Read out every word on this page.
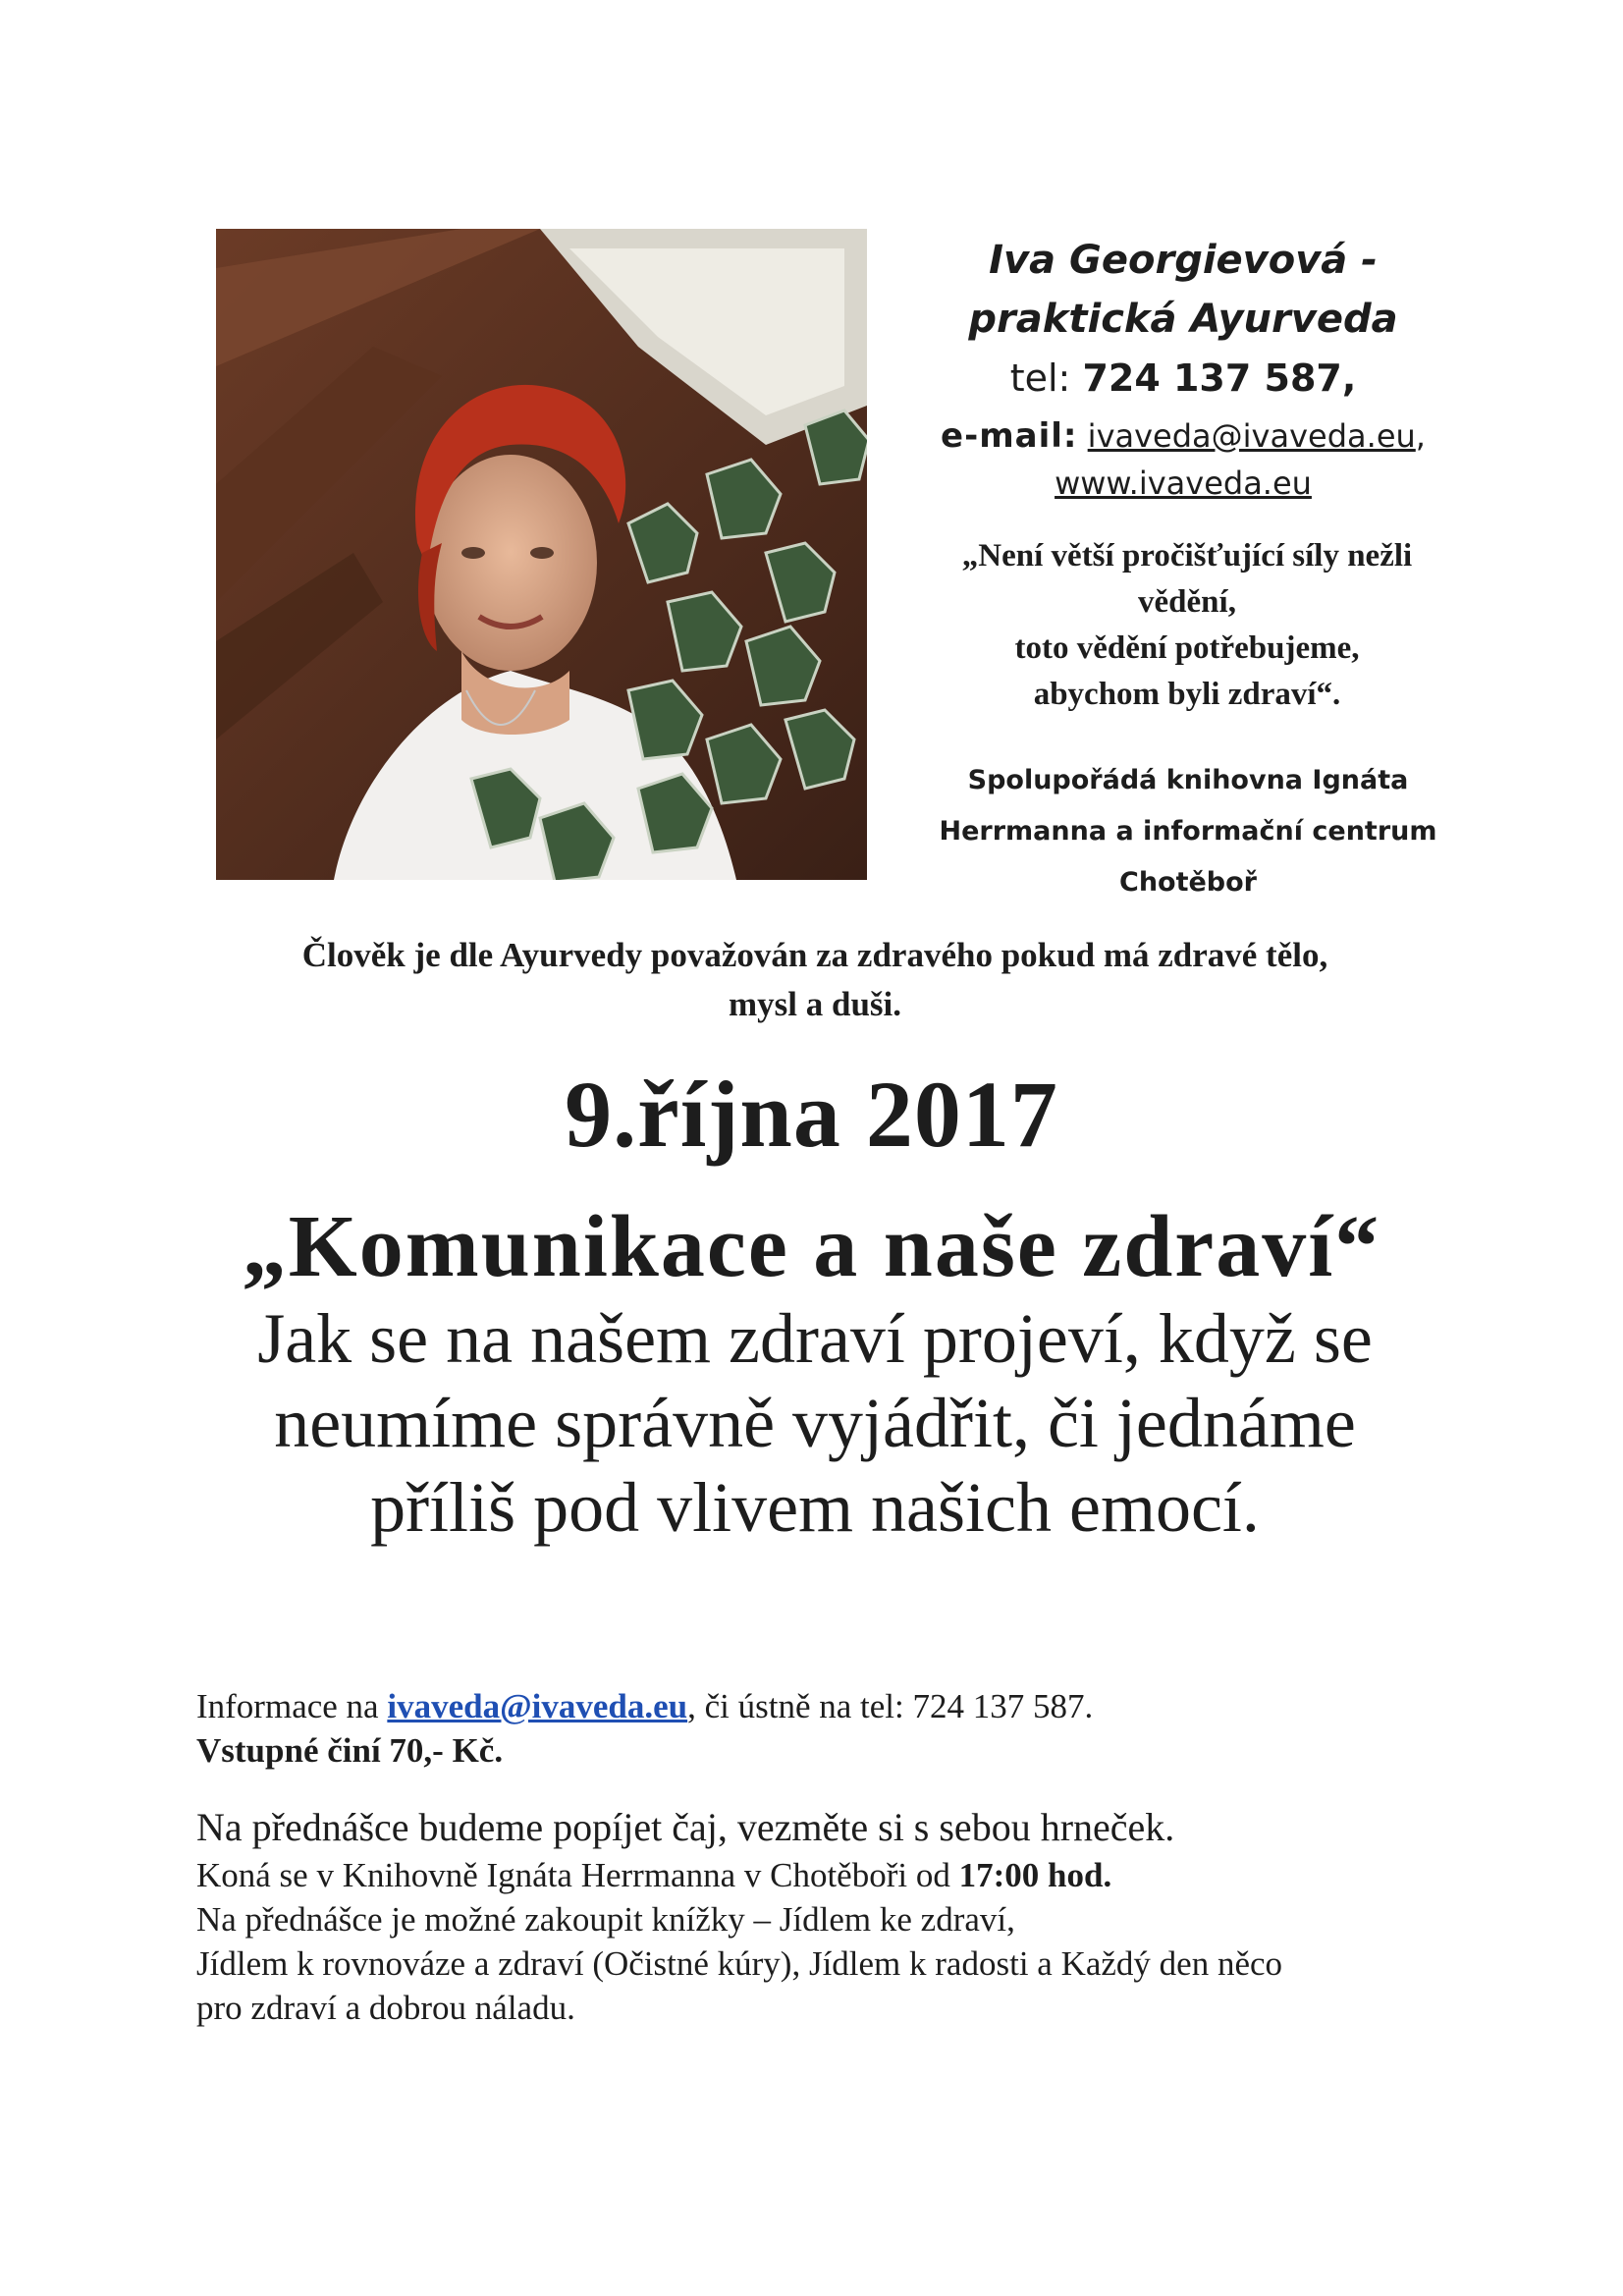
Iva Georgievová -
praktická Ayurveda
tel: 724 137 587,
e-mail: ivaveda@ivaveda.eu,
www.ivaveda.eu
„Není větší pročišťující síly nežli
vědění,
toto vědění potřebujeme,
abychom byli zdraví“.
Spolupořádá knihovna Ignáta
Herrmanna a informační centrum
Chotěboř
Člověk je dle Ayurvedy považován za zdravého pokud má zdravé tělo,
mysl a duši.
9.října 2017
„Komunikace a naše zdraví“
Jak se na našem zdraví projeví, když se
neumíme správně vyjádřit, či jednáme
příliš pod vlivem našich emocí.
Informace na ivaveda@ivaveda.eu, či ústně na tel: 724 137 587.
Vstupné činí 70,- Kč.
Na přednášce budeme popíjet čaj, vezměte si s sebou hrneček.
Koná se v Knihovně Ignáta Herrmanna v Chotěboři od 17:00 hod.
Na přednášce je možné zakoupit knížky – Jídlem ke zdraví,
Jídlem k rovnováze a zdraví (Očistné kúry), Jídlem k radosti a Každý den něco
pro zdraví a dobrou náladu.
